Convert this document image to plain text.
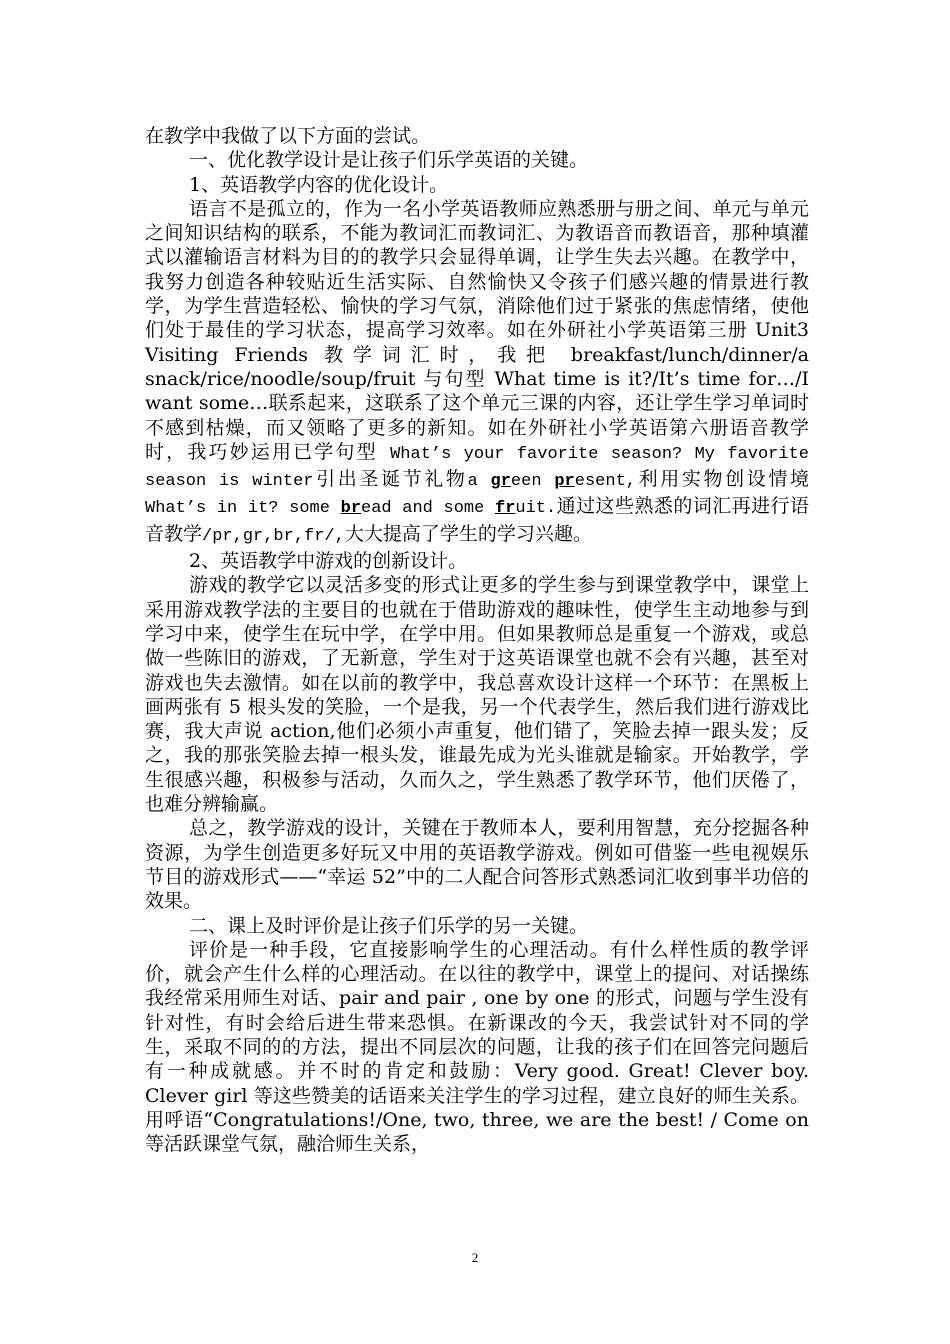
在教学中我做了以下方面的尝试。

一、优化教学设计是让孩子们乐学英语的关键。

1、英语教学内容的优化设计。

语言不是孤立的，作为一名小学英语教师应熟悉册与册之间、单元与单元之间知识结构的联系，不能为教词汇而教词汇、为教语音而教语音，那种填灌式以灌输语言材料为目的的教学只会显得单调，让学生失去兴趣。在教学中，我努力创造各种较贴近生活实际、自然愉快又令孩子们感兴趣的情景进行教学，为学生营造轻松、愉快的学习气氛，消除他们过于紧张的焦虑情绪，使他们处于最佳的学习状态，提高学习效率。如在外研社小学英语第三册 Unit3 Visiting Friends 教学词汇时，我把 breakfast/lunch/dinner/a snack/rice/noodle/soup/fruit 与句型 What time is it?/It’s time for…/I want some…联系起来，这联系了这个单元三课的内容，还让学生学习单词时不感到枯燥，而又领略了更多的新知。如在外研社小学英语第六册语音教学时，我巧妙运用已学句型 What’s your favorite season? My favorite season is winter引出圣诞节礼物a green present,利用实物创设情境What’s in it? some bread and some fruit.通过这些熟悉的词汇再进行语音教学/pr,gr,br,fr/,大大提高了学生的学习兴趣。

2、英语教学中游戏的创新设计。

游戏的教学它以灵活多变的形式让更多的学生参与到课堂教学中，课堂上采用游戏教学法的主要目的也就在于借助游戏的趣味性，使学生主动地参与到学习中来，使学生在玩中学，在学中用。但如果教师总是重复一个游戏，或总做一些陈旧的游戏，了无新意，学生对于这英语课堂也就不会有兴趣，甚至对游戏也失去激情。如在以前的教学中，我总喜欢设计这样一个环节：在黑板上画两张有 5 根头发的笑脸，一个是我，另一个代表学生，然后我们进行游戏比赛，我大声说 action,他们必须小声重复，他们错了，笑脸去掉一跟头发；反之，我的那张笑脸去掉一根头发，谁最先成为光头谁就是输家。开始教学，学生很感兴趣，积极参与活动，久而久之，学生熟悉了教学环节，他们厌倦了，也难分辨输赢。

总之，教学游戏的设计，关键在于教师本人，要利用智慧，充分挖掘各种资源，为学生创造更多好玩又中用的英语教学游戏。例如可借鉴一些电视娱乐节目的游戏形式——“幸运 52”中的二人配合问答形式熟悉词汇收到事半功倍的效果。

二、课上及时评价是让孩子们乐学的另一关键。

评价是一种手段，它直接影响学生的心理活动。有什么样性质的教学评价，就会产生什么样的心理活动。在以往的教学中，课堂上的提问、对话操练我经常采用师生对话、pair and pair , one by one 的形式，问题与学生没有针对性，有时会给后进生带来恐惧。在新课改的今天，我尝试针对不同的学生，采取不同的的方法，提出不同层次的问题，让我的孩子们在回答完问题后有一种成就感。并不时的肯定和鼓励：Very good. Great! Clever boy. Clever girl 等这些赞美的话语来关注学生的学习过程，建立良好的师生关系。用呼语“Congratulations!/One, two, three, we are the best! / Come on 等活跃课堂气氛，融洽师生关系，

2
